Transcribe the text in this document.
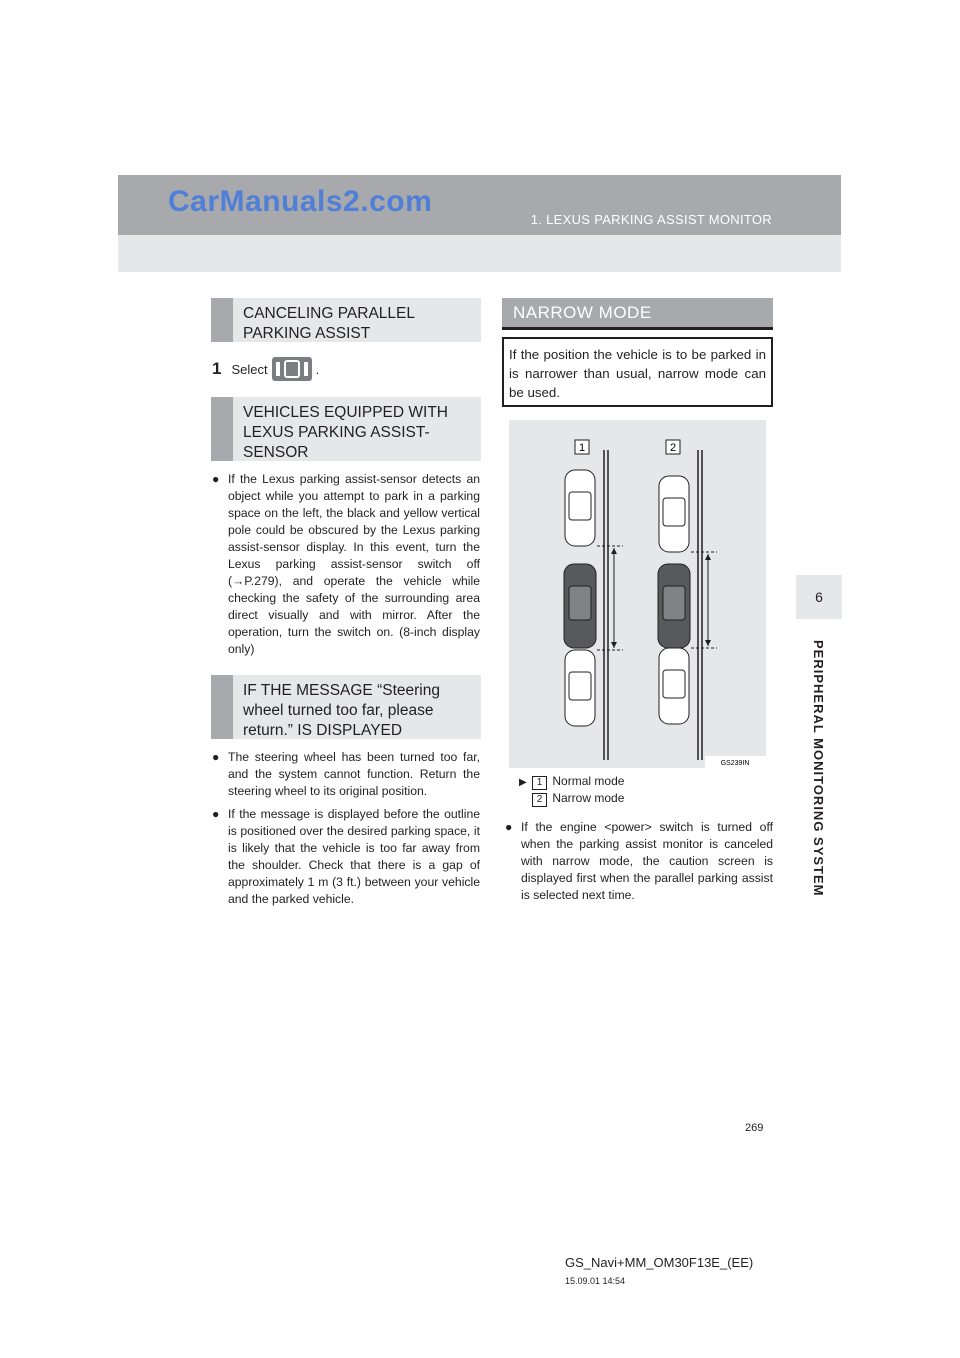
CarManuals2.com
1. LEXUS PARKING ASSIST MONITOR
6
PERIPHERAL MONITORING SYSTEM
CANCELING PARALLEL PARKING ASSIST
1 Select	.
VEHICLES EQUIPPED WITH LEXUS PARKING ASSIST-SENSOR
● If the Lexus parking assist-sensor detects an object while you attempt to park in a parking space on the left, the black and yellow vertical pole could be obscured by the Lexus parking assist-sensor display. In this event, turn the Lexus parking assist-sensor switch off (→P.279), and operate the vehicle while checking the safety of the surrounding area direct visually and with mirror. After the operation, turn the switch on. (8-inch display only)
IF THE MESSAGE “Steering wheel turned too far, please return.” IS DISPLAYED
● The steering wheel has been turned too far, and the system cannot function. Return the steering wheel to its original position.
● If the message is displayed before the outline is positioned over the desired parking space, it is likely that the vehicle is too far away from the shoulder. Check that there is a gap of approximately 1 m (3 ft.) between your vehicle and the parked vehicle.
NARROW MODE
If the position the vehicle is to be parked in is narrower than usual, narrow mode can be used.
1	2
GS239IN
▶ 1 Normal mode
2 Narrow mode
● If the engine <power> switch is turned off when the parking assist monitor is canceled with narrow mode, the caution screen is displayed first when the parallel parking assist is selected next time.
269
GS_Navi+MM_OM30F13E_(EE)
15.09.01 14:54
